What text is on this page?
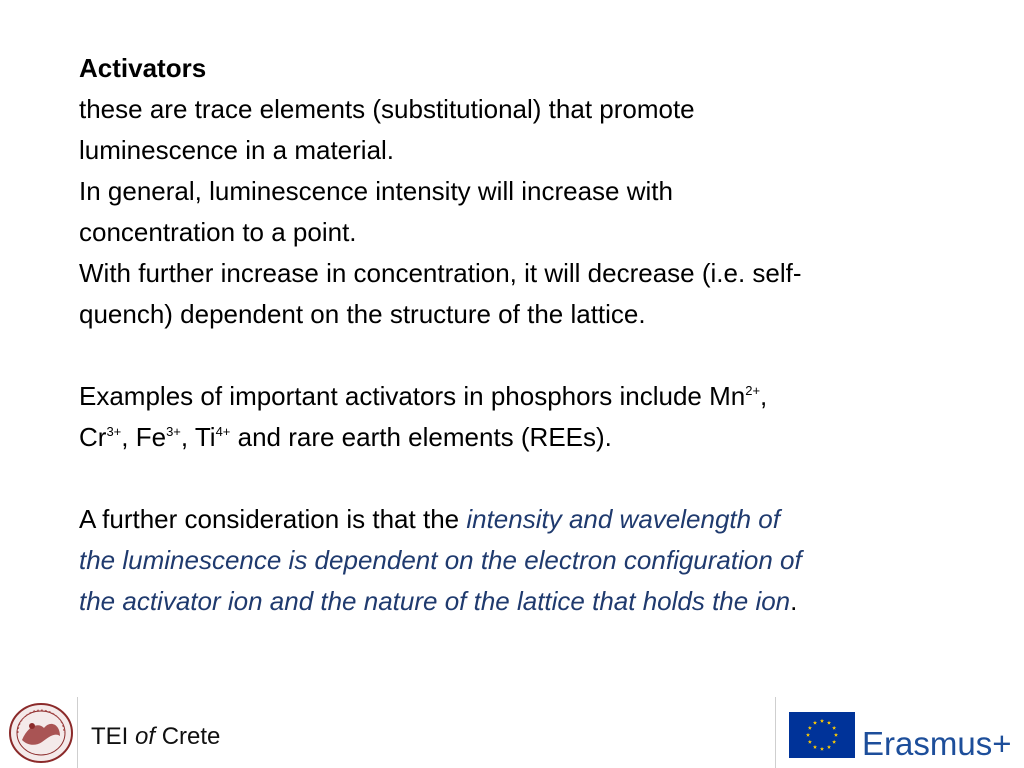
Activators
these are trace elements (substitutional) that promote
luminescence in a material.
In general, luminescence intensity will increase with
concentration to a point.
With further increase in concentration, it will decrease (i.e. self-
quench) dependent on the structure of the lattice.
Examples of important activators in phosphors include $Mn^{2+}$,
$Cr^{3+}$, $Fe^{3+}$, $Ti^{4+}$ and rare earth elements (REEs).
A further consideration is that the intensity and wavelength of
the luminescence is dependent on the electron configuration of
the activator ion and the nature of the lattice that holds the ion.
TEI of Crete	Erasmus+
